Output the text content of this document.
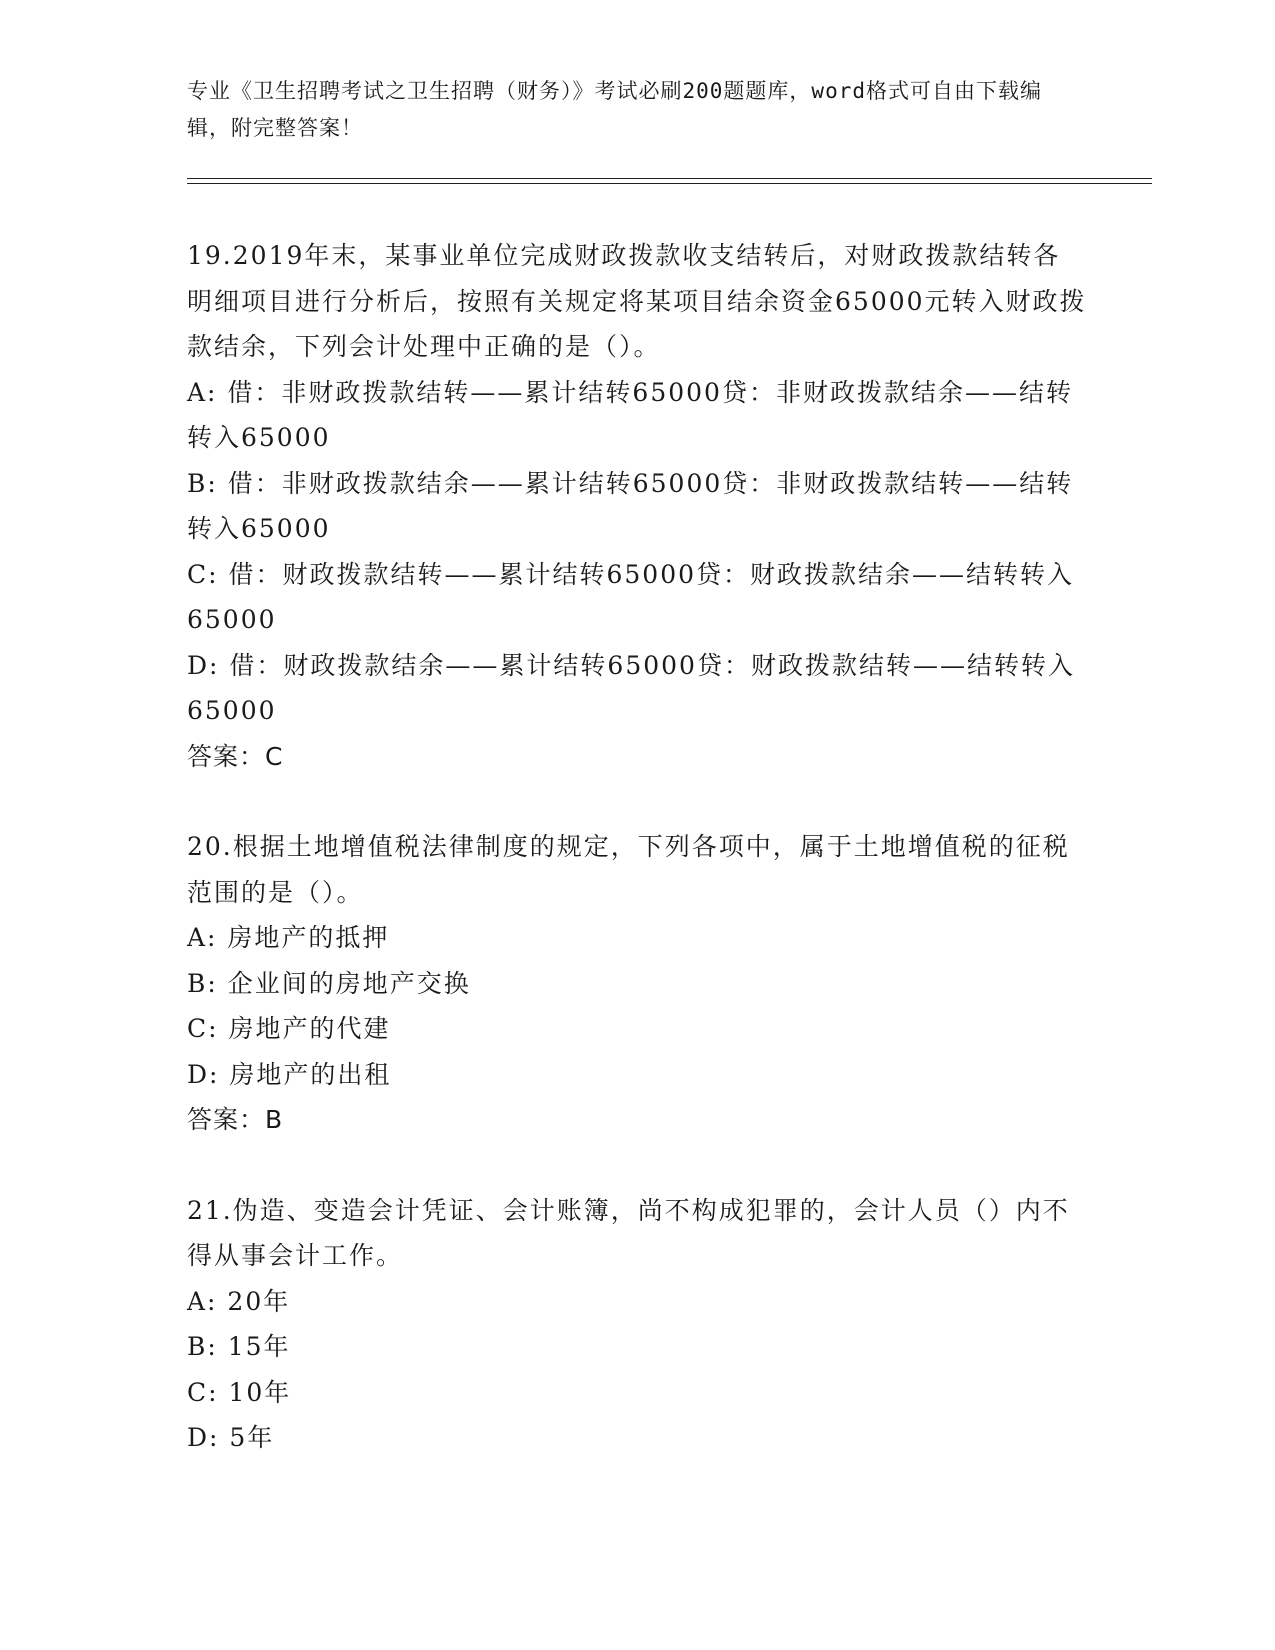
专业《卫生招聘考试之卫生招聘（财务）》考试必刷200题题库，word格式可自由下载编辑，附完整答案！

19.2019年末，某事业单位完成财政拨款收支结转后，对财政拨款结转各明细项目进行分析后，按照有关规定将某项目结余资金65000元转入财政拨款结余，下列会计处理中正确的是（）。

A: 借：非财政拨款结转——累计结转65000贷：非财政拨款结余——结转转入65000

B: 借：非财政拨款结余——累计结转65000贷：非财政拨款结转——结转转入65000

C: 借：财政拨款结转——累计结转65000贷：财政拨款结余——结转转入65000

D: 借：财政拨款结余——累计结转65000贷：财政拨款结转——结转转入65000

答案：C

20.根据土地增值税法律制度的规定，下列各项中，属于土地增值税的征税范围的是（）。

A: 房地产的抵押

B: 企业间的房地产交换

C: 房地产的代建

D: 房地产的出租

答案：B

21.伪造、变造会计凭证、会计账簿，尚不构成犯罪的，会计人员（）内不得从事会计工作。

A: 20年

B: 15年

C: 10年

D: 5年
